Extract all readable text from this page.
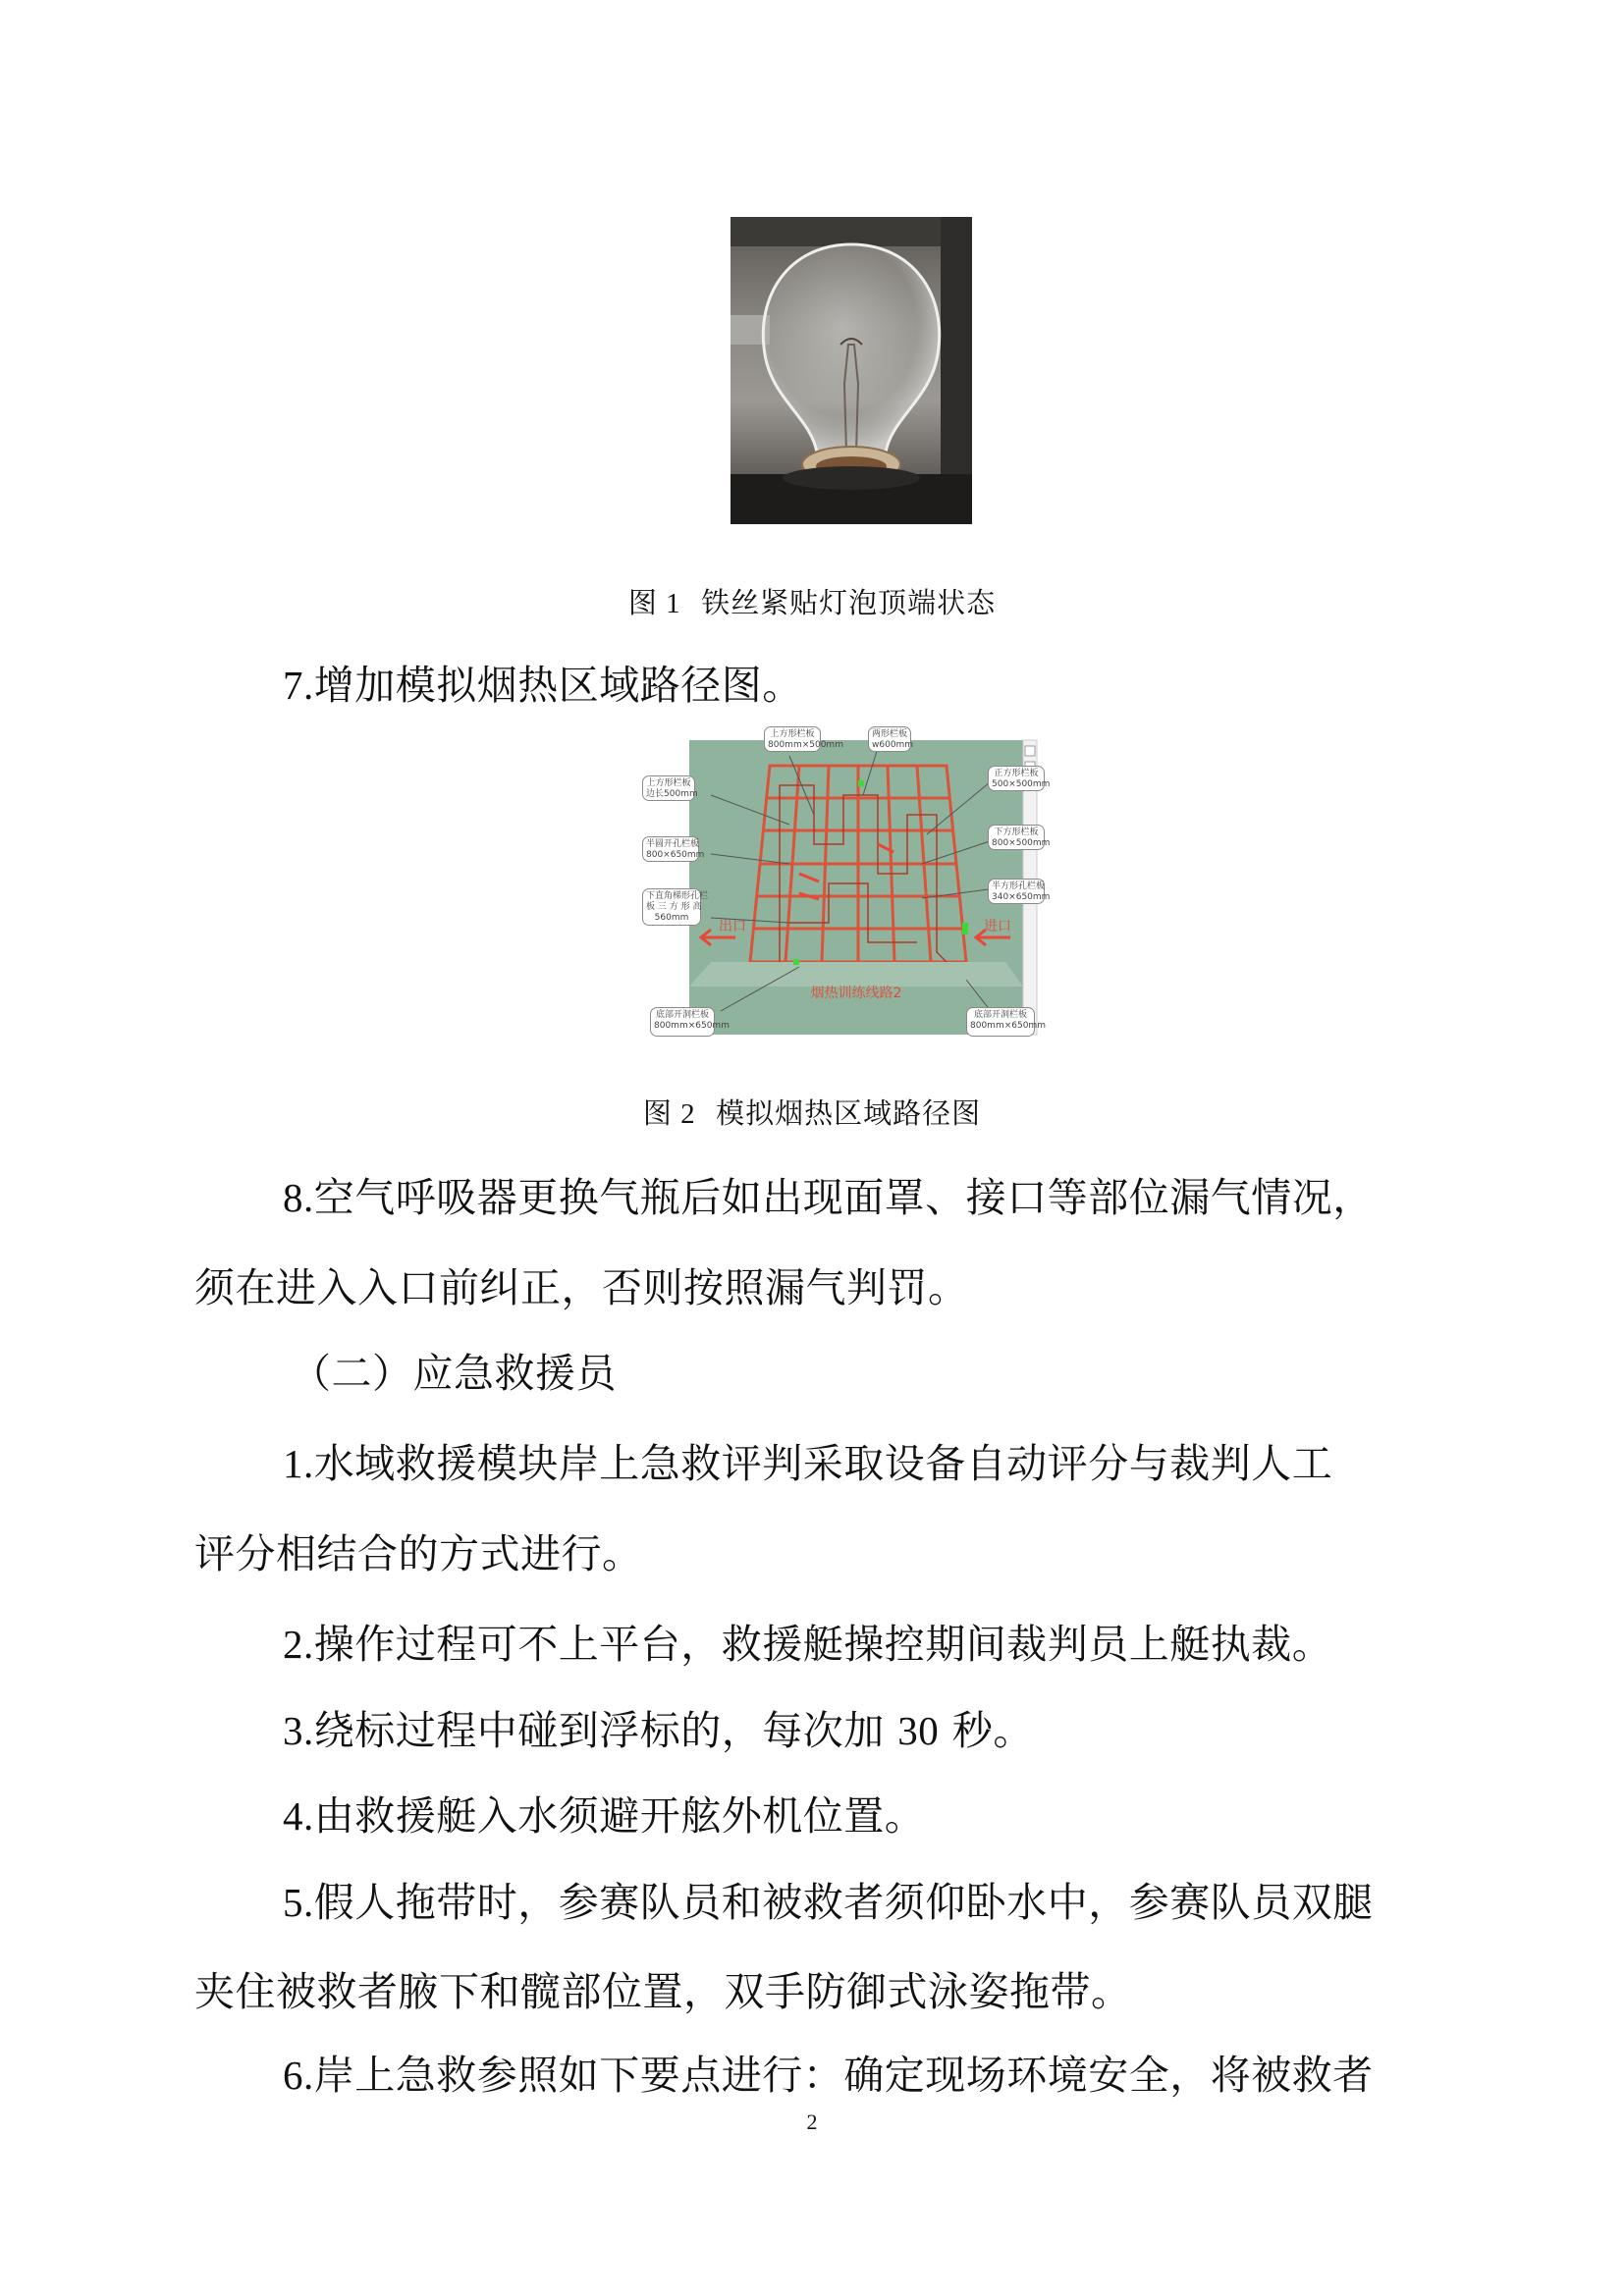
图 1 铁丝紧贴灯泡顶端状态
7.增加模拟烟热区域路径图。
出口	进口
烟热训练线路2
上方形栏板
800mm×500mm
两形栏板
w600mm
上方形栏板
边长500mm
正方形栏板
500×500mm
半圆开孔栏板
800×650mm
下方形栏板
800×500mm
下直角梯形孔栏
板 三 方 形 高
560mm
半方形孔栏板
340×650mm
底部开洞栏板
800mm×650mm
底部开洞栏板
800mm×650mm
图 2 模拟烟热区域路径图
8.空气呼吸器更换气瓶后如出现面罩、接口等部位漏气情况，
须在进入入口前纠正，否则按照漏气判罚。
（二）应急救援员
1.水域救援模块岸上急救评判采取设备自动评分与裁判人工
评分相结合的方式进行。
2.操作过程可不上平台，救援艇操控期间裁判员上艇执裁。
3.绕标过程中碰到浮标的，每次加 30 秒。
4.由救援艇入水须避开舷外机位置。
5.假人拖带时，参赛队员和被救者须仰卧水中，参赛队员双腿
夹住被救者腋下和髋部位置，双手防御式泳姿拖带。
6.岸上急救参照如下要点进行：确定现场环境安全，将被救者
2
